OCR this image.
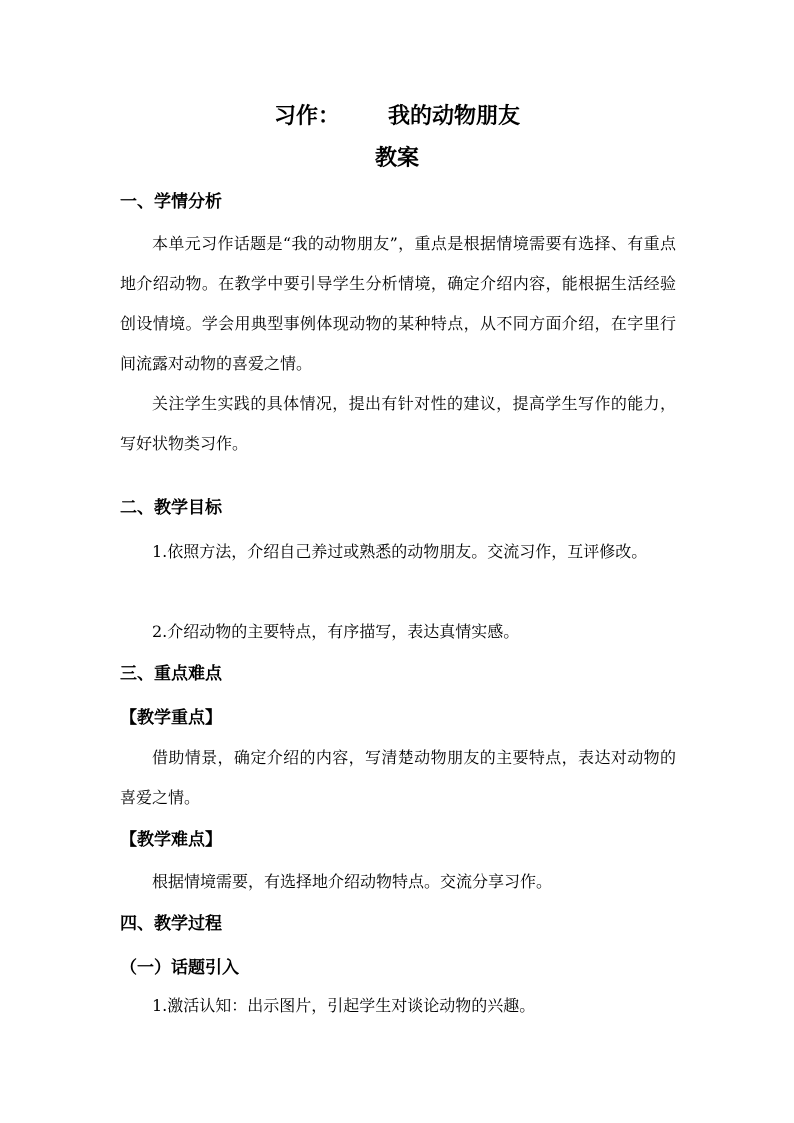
习作： 我的动物朋友
教案
一、学情分析
本单元习作话题是“我的动物朋友”，重点是根据情境需要有选择、有重点地介绍动物。在教学中要引导学生分析情境，确定介绍内容，能根据生活经验创设情境。学会用典型事例体现动物的某种特点，从不同方面介绍，在字里行间流露对动物的喜爱之情。
关注学生实践的具体情况，提出有针对性的建议，提高学生写作的能力，写好状物类习作。
二、教学目标
1.依照方法，介绍自己养过或熟悉的动物朋友。交流习作，互评修改。
2.介绍动物的主要特点，有序描写，表达真情实感。
三、重点难点
【教学重点】
借助情景，确定介绍的内容，写清楚动物朋友的主要特点，表达对动物的喜爱之情。
【教学难点】
根据情境需要，有选择地介绍动物特点。交流分享习作。
四、教学过程
（一）话题引入
1.激活认知：出示图片，引起学生对谈论动物的兴趣。
